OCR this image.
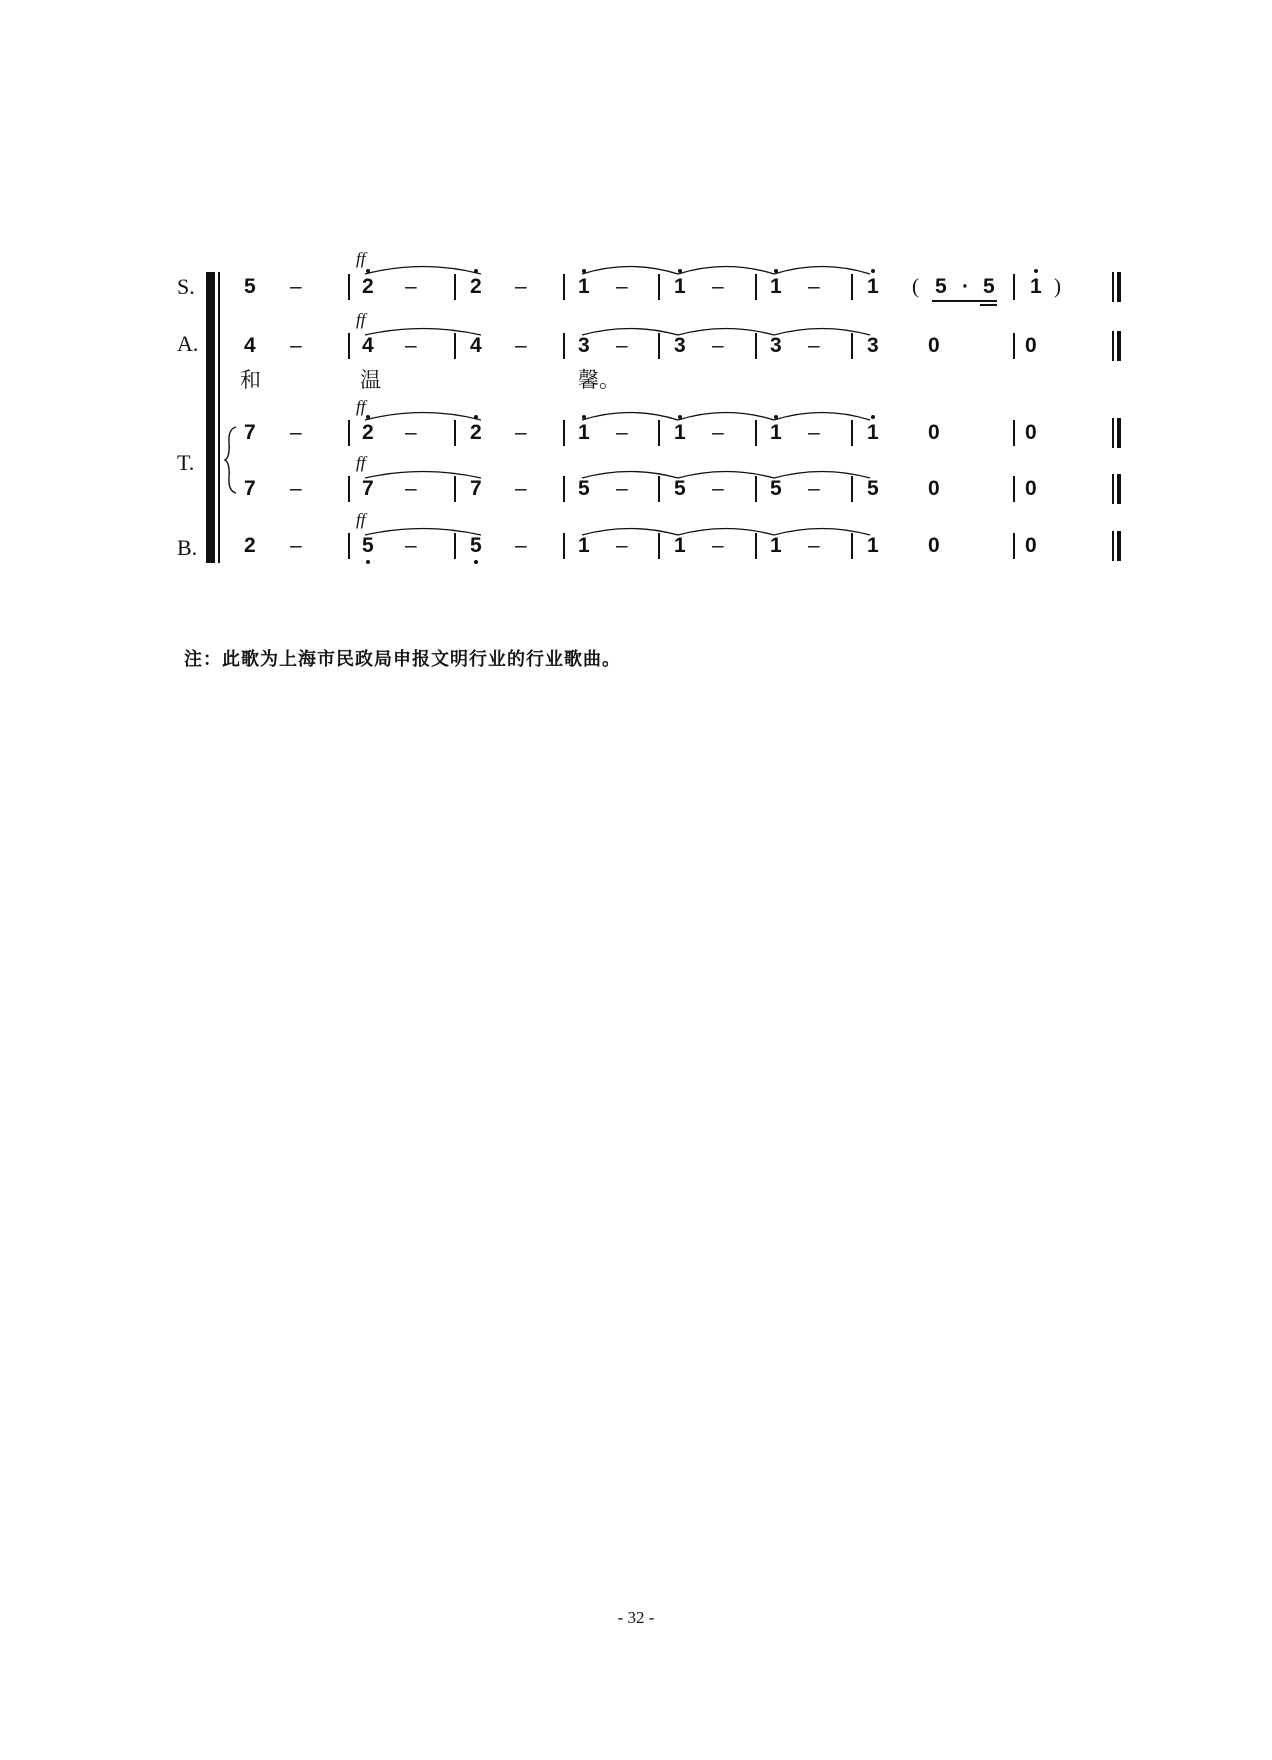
S.
A.
T.
B.
ff
5 –	2 –	2 – 1 – 1 – 1 – 1 ( 5 · 5 1 )
ff
4 –	4 –	4 – 3 – 3 – 3 – 3 0	0
和	温	馨。
ff
7 –	2 –	2 – 1 – 1 – 1 – 1 0	0
ff
7 –	7 –	7 – 5 – 5 – 5 – 5 0	0
ff
2 –	5 –	5 – 1 – 1 – 1 – 1 0	0
注：此歌为上海市民政局申报文明行业的行业歌曲。
- 32 -
